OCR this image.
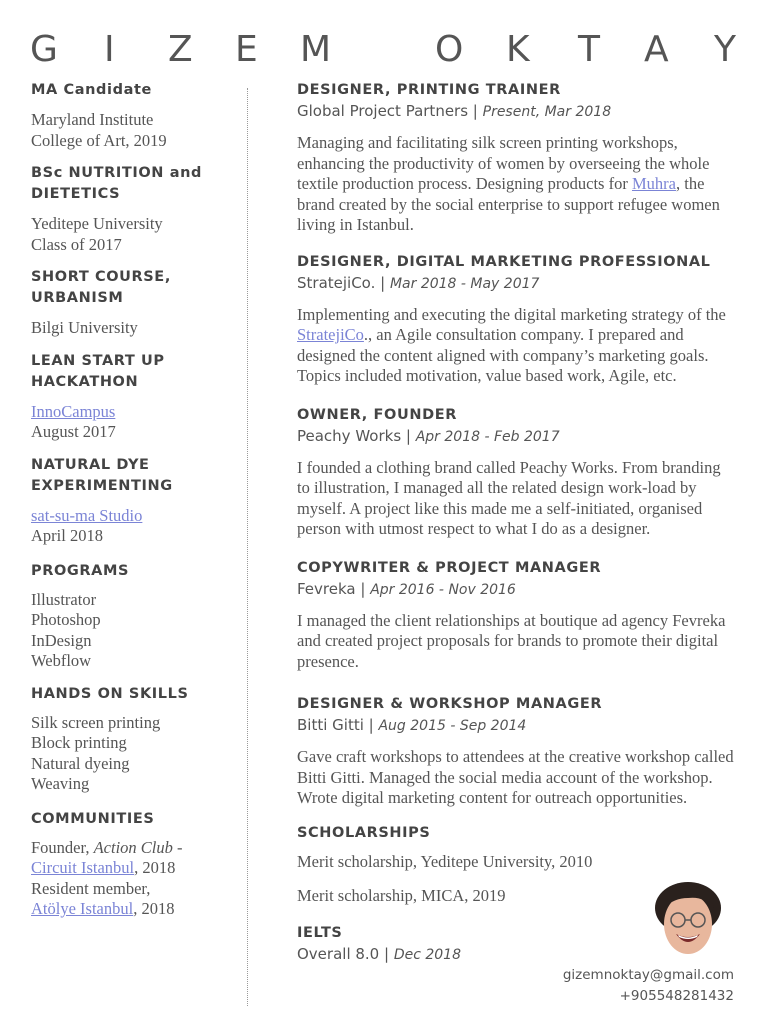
G I Z E M	O K T A Y
MA Candidate
Maryland Institute
College of Art, 2019
BSc NUTRITION and DIETETICS
Yeditepe University
Class of 2017
SHORT COURSE, URBANISM
Bilgi University
LEAN START UP HACKATHON
InnoCampus
August 2017
NATURAL DYE EXPERIMENTING
sat-su-ma Studio
April 2018
PROGRAMS
Illustrator
Photoshop
InDesign
Webflow
HANDS ON SKILLS
Silk screen printing
Block printing
Natural dyeing
Weaving
COMMUNITIES
Founder, Action Club -
Circuit Istanbul, 2018
Resident member,
Atölye Istanbul, 2018
DESIGNER, PRINTING TRAINER
Global Project Partners | Present, Mar 2018
Managing and facilitating silk screen printing workshops, enhancing the productivity of women by overseeing the whole textile production process. Designing products for Muhra, the brand created by the social enterprise to support refugee women living in Istanbul.
DESIGNER, DIGITAL MARKETING PROFESSIONAL
StratejiCo. | Mar 2018 - May 2017
Implementing and executing the digital marketing strategy of the StratejiCo., an Agile consultation company. I prepared and designed the content aligned with company’s marketing goals. Topics included motivation, value based work, Agile, etc.
OWNER, FOUNDER
Peachy Works | Apr 2018 - Feb 2017
I founded a clothing brand called Peachy Works. From branding to illustration, I managed all the related design work-load by myself. A project like this made me a self-initiated, organised person with utmost respect to what I do as a designer.
COPYWRITER & PROJECT MANAGER
Fevreka | Apr 2016 - Nov 2016
I managed the client relationships at boutique ad agency Fevreka and created project proposals for brands to promote their digital presence.
DESIGNER & WORKSHOP MANAGER
Bitti Gitti | Aug 2015 - Sep 2014
Gave craft workshops to attendees at the creative workshop called Bitti Gitti. Managed the social media account of the workshop. Wrote digital marketing content for outreach opportunities.
SCHOLARSHIPS
Merit scholarship, Yeditepe University, 2010
Merit scholarship, MICA, 2019
IELTS
Overall 8.0 | Dec 2018
gizemnoktay@gmail.com
+905548281432
